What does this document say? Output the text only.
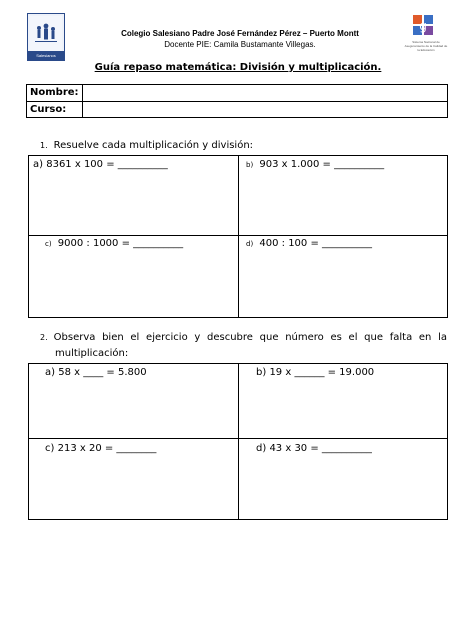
Salesianos
Colegio Salesiano Padre José Fernández Pérez – Puerto Montt
Docente PIE: Camila Bustamante Villegas.
g
Sistema Nacional de Aseguramiento de la Calidad de la Educación
Guía repaso matemática: División y multiplicación.
Nombre:
Curso:
1. Resuelve cada multiplicación y división:
a) 8361 x 100 = __________	b) 903 x 1.000 = __________
c) 9000 : 1000 = __________	d) 400 : 100 = __________
2. Observa bien el ejercicio y descubre que número es el que falta en la
multiplicación:
a) 58 x ____ = 5.800	b) 19 x ______ = 19.000
c) 213 x 20 = ________	d) 43 x 30 = __________
